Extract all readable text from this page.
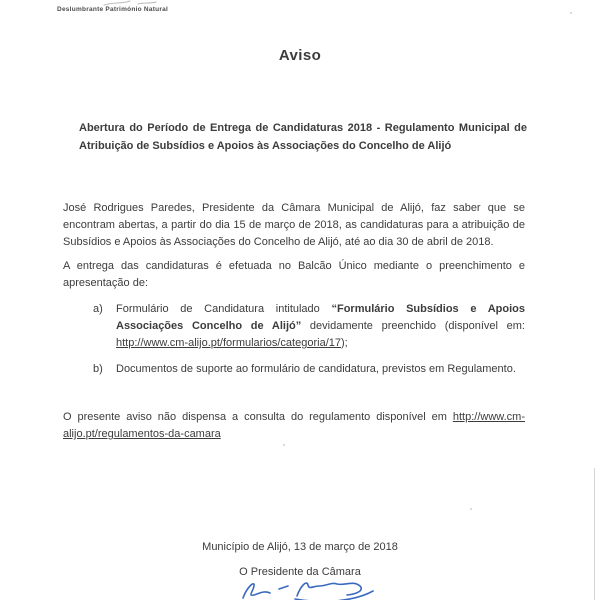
Deslumbrante Património Natural
Aviso
Abertura do Período de Entrega de Candidaturas 2018 - Regulamento Municipal de Atribuição de Subsídios e Apoios às Associações do Concelho de Alijó
José Rodrigues Paredes, Presidente da Câmara Municipal de Alijó, faz saber que se encontram abertas, a partir do dia 15 de março de 2018, as candidaturas para a atribuição de Subsídios e Apoios às Associações do Concelho de Alijó, até ao dia 30 de abril de 2018.
A entrega das candidaturas é efetuada no Balcão Único mediante o preenchimento e apresentação de:
a)	Formulário de Candidatura intitulado “Formulário Subsídios e Apoios Associações Concelho de Alijó” devidamente preenchido (disponível em: http://www.cm-alijo.pt/formularios/categoria/17);
b)	Documentos de suporte ao formulário de candidatura, previstos em Regulamento.
O presente aviso não dispensa a consulta do regulamento disponível em http://www.cm-alijo.pt/regulamentos-da-camara
Município de Alijó, 13 de março de 2018
O Presidente da Câmara
